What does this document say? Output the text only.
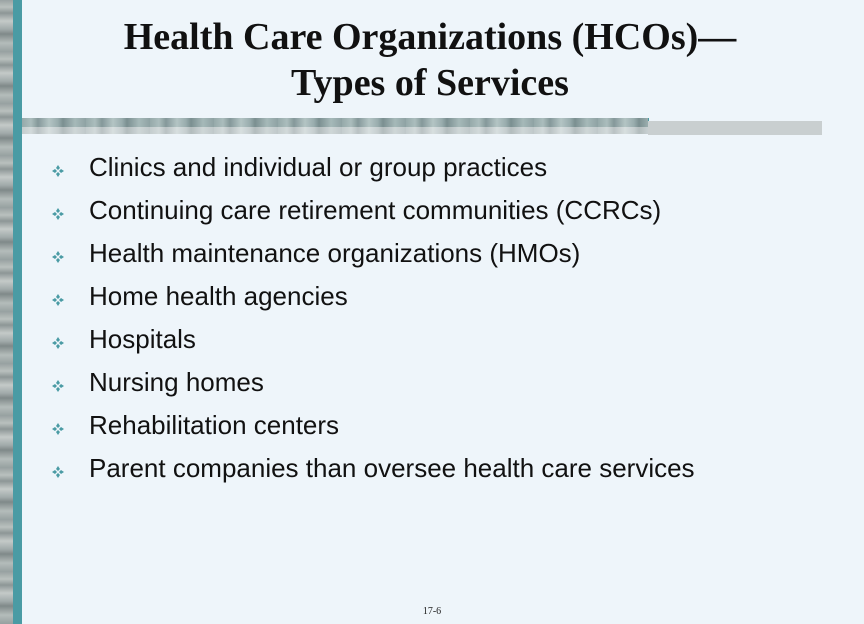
Health Care Organizations (HCOs)—
Types of Services
Clinics and individual or group practices
Continuing care retirement communities (CCRCs)
Health maintenance organizations (HMOs)
Home health agencies
Hospitals
Nursing homes
Rehabilitation centers
Parent companies than oversee health care services
17-6
